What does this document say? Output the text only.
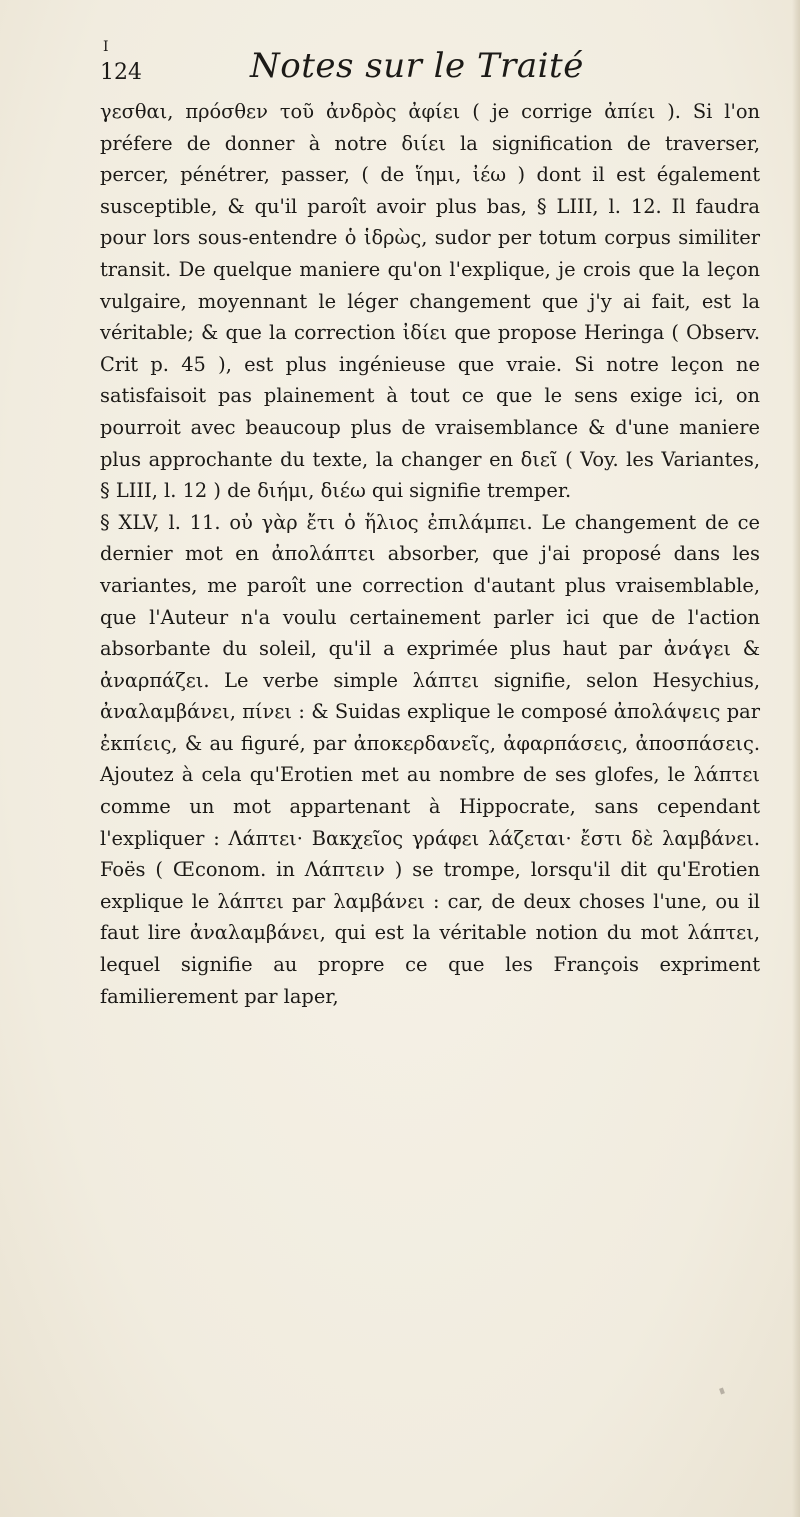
I
124	Notes sur le Traité

γεσθαι, πρόσθεν τοῦ ἀνδρὸς ἀφίει ( je corrige ἀπίει ). Si l'on préfere de donner à notre διίει la signification de traverser, percer, pénétrer, passer, ( de ἵημι, ἰέω ) dont il est également susceptible, & qu'il paroît avoir plus bas, § LIII, l. 12. Il faudra pour lors sous-entendre ὁ ἱδρὼς, sudor per totum corpus similiter transit. De quelque maniere qu'on l'explique, je crois que la leçon vulgaire, moyennant le léger changement que j'y ai fait, est la véritable; & que la correction ἰδίει que propose Heringa ( Observ. Crit p. 45 ), est plus ingénieuse que vraie. Si notre leçon ne satisfaisoit pas plainement à tout ce que le sens exige ici, on pourroit avec beaucoup plus de vraisemblance & d'une maniere plus approchante du texte, la changer en διεῖ ( Voy. les Variantes, § LIII, l. 12 ) de διήμι, διέω qui signifie tremper.

§ XLV, l. 11. οὐ γὰρ ἔτι ὁ ἥλιος ἐπιλάμπει. Le changement de ce dernier mot en ἀπολάπτει absorber, que j'ai proposé dans les variantes, me paroît une correction d'autant plus vraisemblable, que l'Auteur n'a voulu certainement parler ici que de l'action absorbante du soleil, qu'il a exprimée plus haut par ἀνάγει & ἀναρπάζει. Le verbe simple λάπτει signifie, selon Hesychius, ἀναλαμβάνει, πίνει : & Suidas explique le composé ἀπολάψεις par ἐκπίεις, & au figuré, par ἀποκερδανεῖς, ἀφαρπάσεις, ἀποσπάσεις. Ajoutez à cela qu'Erotien met au nombre de ses glofes, le λάπτει comme un mot appartenant à Hippocrate, sans cependant l'expliquer : Λάπτει· Βακχεῖος γράφει λάζεται· ἔστι δὲ λαμβάνει. Foës ( Œconom. in Λάπτειν ) se trompe, lorsqu'il dit qu'Erotien explique le λάπτει par λαμβάνει : car, de deux choses l'une, ou il faut lire ἀναλαμβάνει, qui est la véritable notion du mot λάπτει, lequel signifie au propre ce que les François expriment familierement par laper,
